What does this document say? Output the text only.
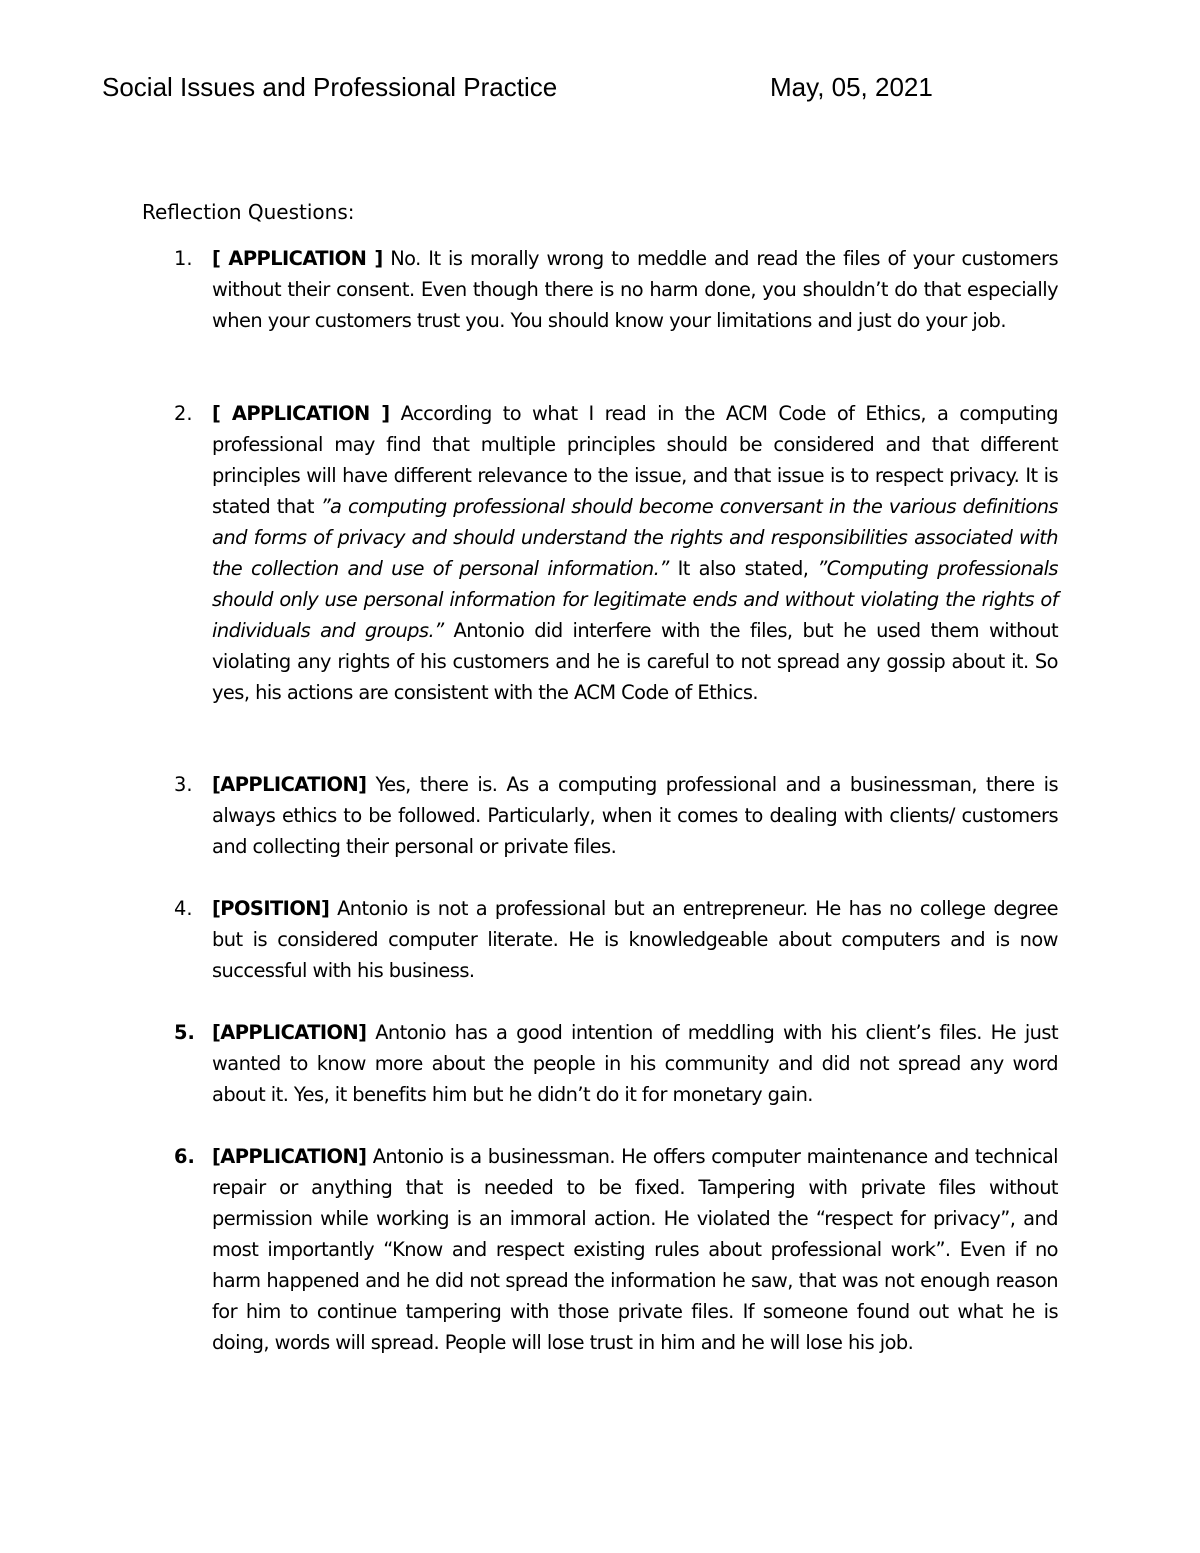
Social Issues and Professional Practice	May, 05, 2021
Reflection Questions:
1.	[ APPLICATION ] No. It is morally wrong to meddle and read the files of your customers without their consent. Even though there is no harm done, you shouldn’t do that especially when your customers trust you. You should know your limitations and just do your job.
2.	[ APPLICATION ] According to what I read in the ACM Code of Ethics, a computing professional may find that multiple principles should be considered and that different principles will have different relevance to the issue, and that issue is to respect privacy. It is stated that ”a computing professional should become conversant in the various definitions and forms of privacy and should understand the rights and responsibilities associated with the collection and use of personal information.” It also stated, ”Computing professionals should only use personal information for legitimate ends and without violating the rights of individuals and groups.” Antonio did interfere with the files, but he used them without violating any rights of his customers and he is careful to not spread any gossip about it. So yes, his actions are consistent with the ACM Code of Ethics.
3.	[APPLICATION] Yes, there is. As a computing professional and a businessman, there is always ethics to be followed. Particularly, when it comes to dealing with clients/ customers and collecting their personal or private files.
4.	[POSITION] Antonio is not a professional but an entrepreneur. He has no college degree but is considered computer literate. He is knowledgeable about computers and is now successful with his business.
5. [APPLICATION] Antonio has a good intention of meddling with his client’s files. He just wanted to know more about the people in his community and did not spread any word about it. Yes, it benefits him but he didn’t do it for monetary gain.
6. [APPLICATION] Antonio is a businessman. He offers computer maintenance and technical repair or anything that is needed to be fixed. Tampering with private files without permission while working is an immoral action. He violated the “respect for privacy”, and most importantly “Know and respect existing rules about professional work”. Even if no harm happened and he did not spread the information he saw, that was not enough reason for him to continue tampering with those private files. If someone found out what he is doing, words will spread. People will lose trust in him and he will lose his job.
